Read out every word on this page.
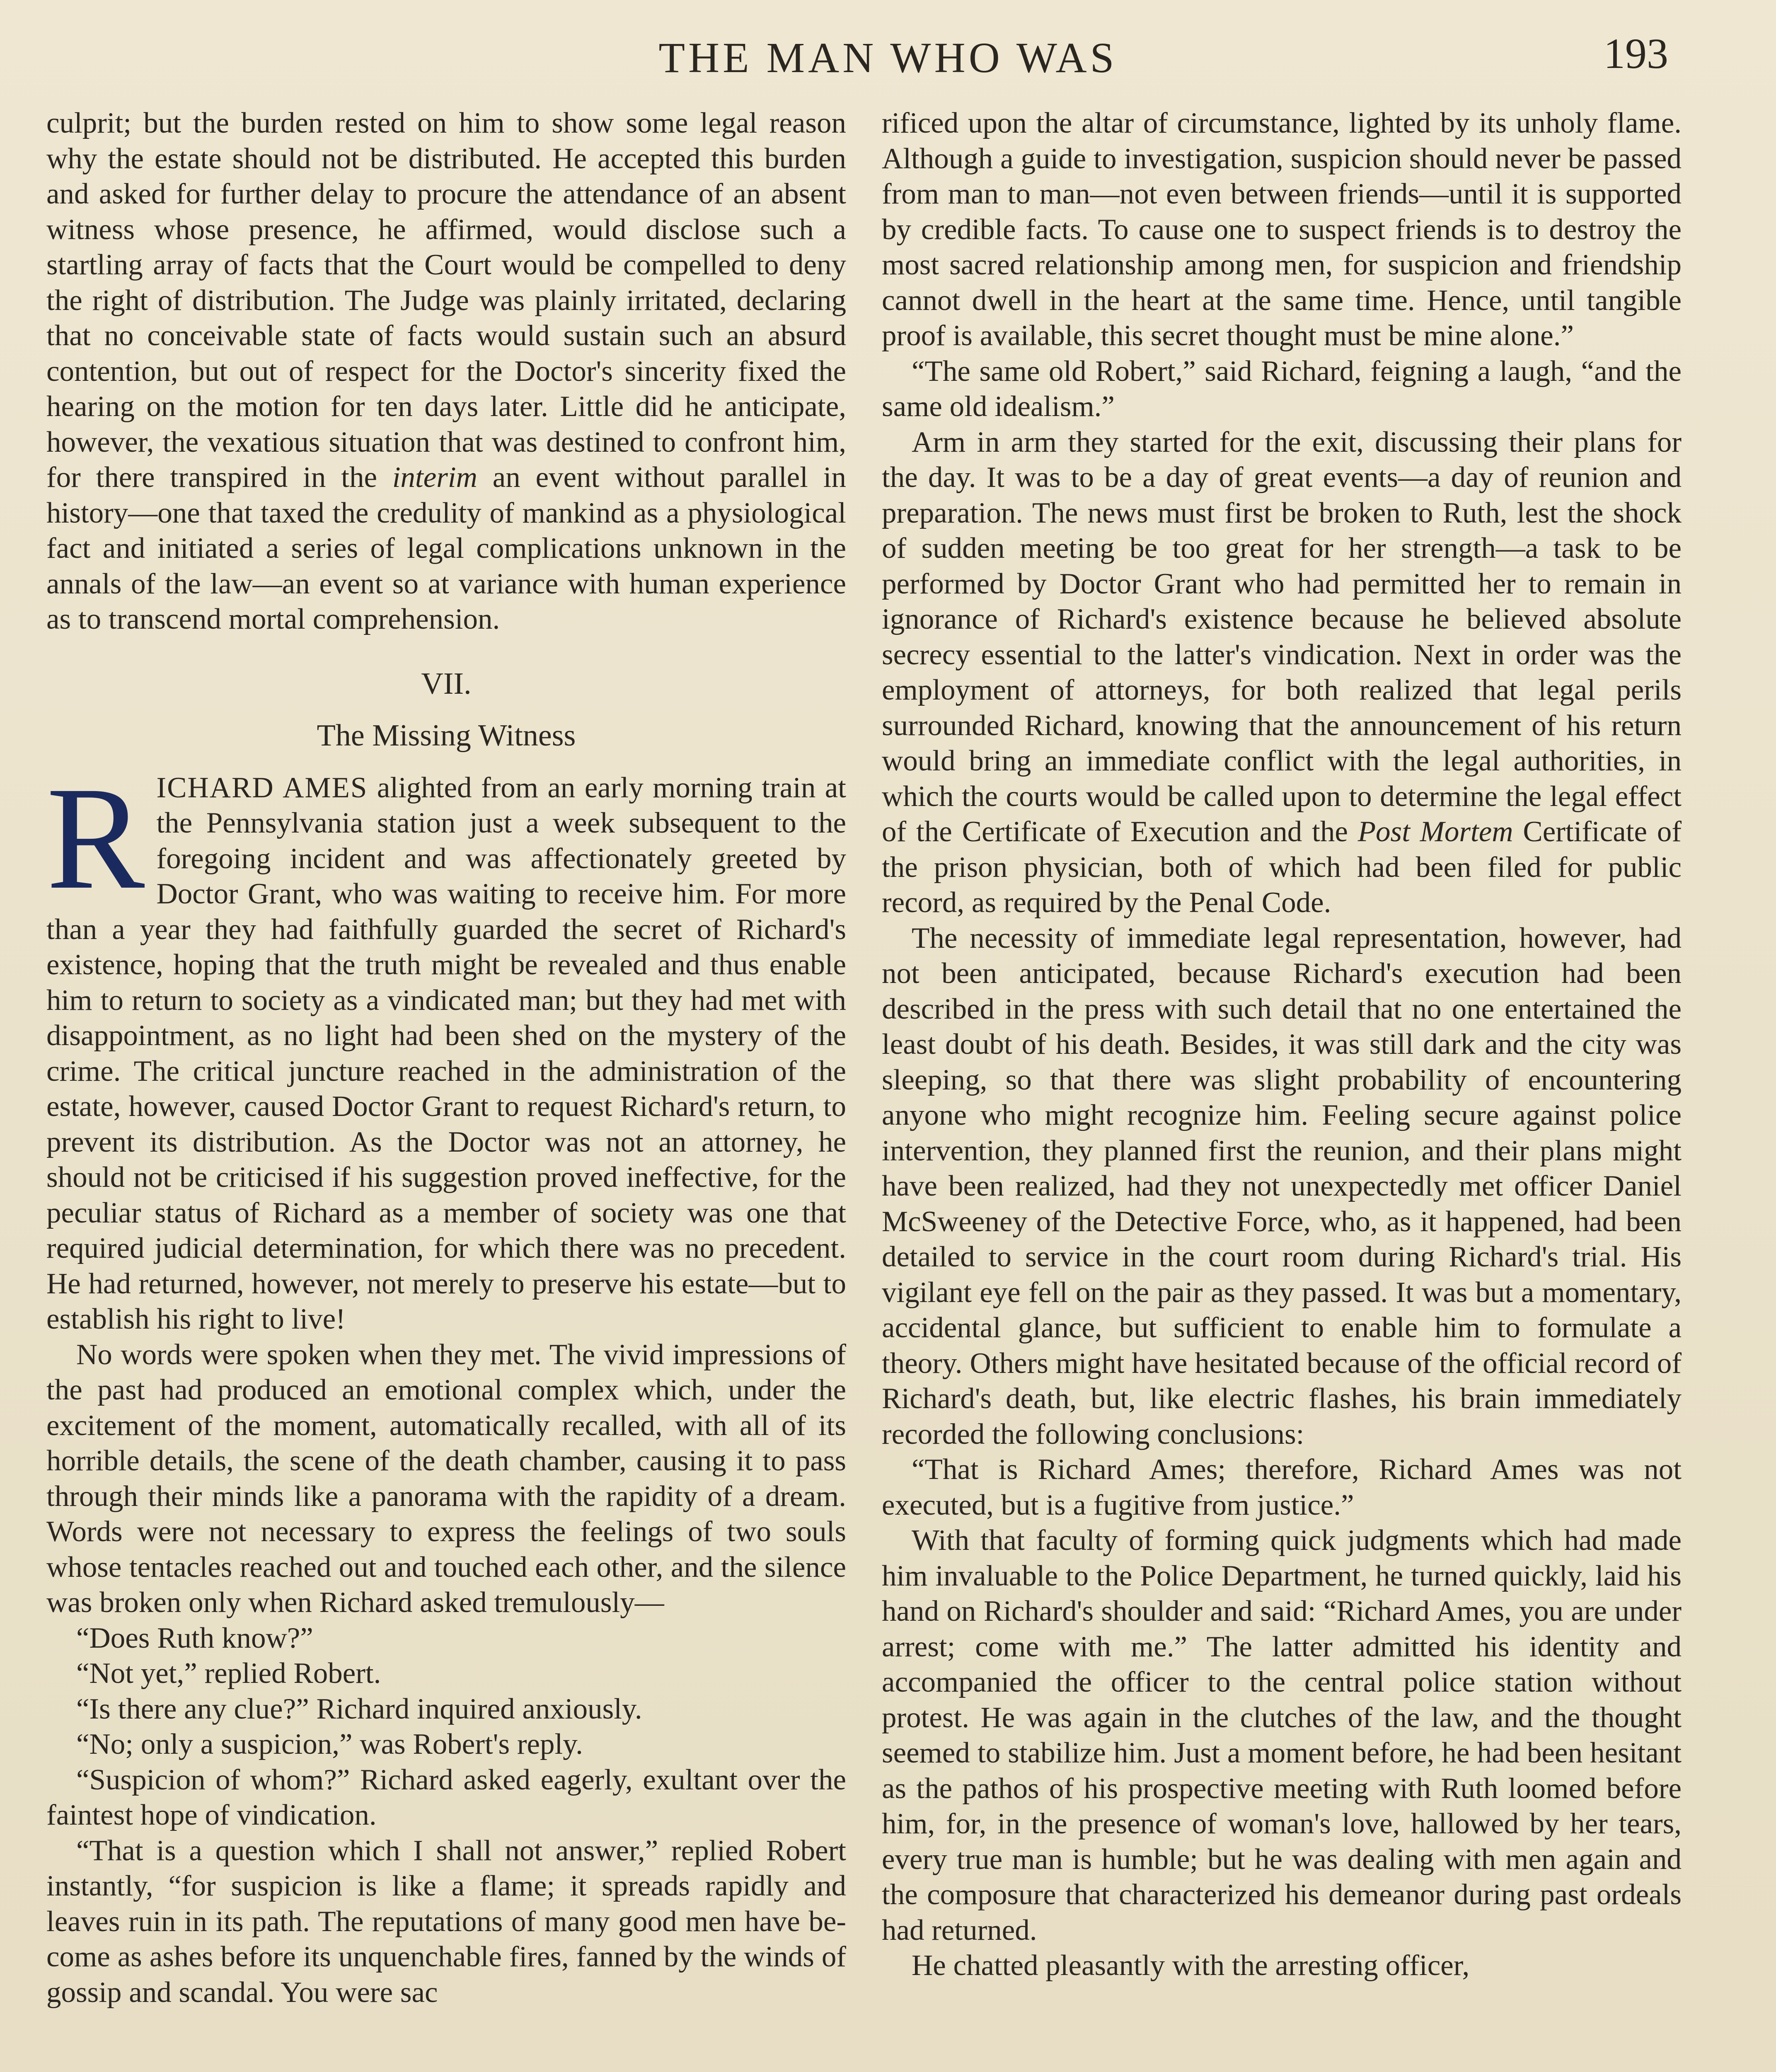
THE MAN WHO WAS	193

culprit; but the burden rested on him to show some legal reason why the estate should not be distributed. He accepted this burden and asked for further delay to procure the attendance of an absent witness whose presence, he affirmed, would disclose such a startling array of facts that the Court would be compelled to deny the right of distribution. The Judge was plainly irritated, declaring that no conceivable state of facts would sustain such an absurd contention, but out of respect for the Doctor's sincerity fixed the hearing on the motion for ten days later. Little did he anticipate, however, the vexatious situation that was destined to confront him, for there transpired in the interim an event without parallel in history—one that taxed the credulity of mankind as a physiological fact and initiated a series of legal complications unknown in the annals of the law—an event so at variance with human experience as to transcend mortal comprehension.

VII.
The Missing Witness

RICHARD AMES alighted from an early morning train at the Pennsylvania station just a week subsequent to the foregoing incident and was affectionately greeted by Doctor Grant, who was waiting to receive him. For more than a year they had faithfully guarded the secret of Richard's existence, hoping that the truth might be revealed and thus enable him to return to society as a vindicated man; but they had met with disappointment, as no light had been shed on the mystery of the crime. The critical juncture reached in the administration of the estate, however, caused Doctor Grant to request Richard's return, to prevent its distribution. As the Doctor was not an attorney, he should not be criticised if his suggestion proved ineffective, for the peculiar status of Richard as a member of society was one that required judicial determination, for which there was no precedent. He had returned, however, not merely to preserve his estate—but to establish his right to live!

No words were spoken when they met. The vivid impressions of the past had produced an emotional complex which, under the excitement of the moment, automatically recalled, with all of its horrible details, the scene of the death chamber, causing it to pass through their minds like a panorama with the rapidity of a dream. Words were not necessary to express the feelings of two souls whose tentacles reached out and touched each other, and the silence was broken only when Richard asked tremulously—

“Does Ruth know?”

“Not yet,” replied Robert.

“Is there any clue?” Richard inquired anxiously.

“No; only a suspicion,” was Robert's reply.

“Suspicion of whom?” Richard asked eagerly, exultant over the faintest hope of vindication.

“That is a question which I shall not answer,” replied Robert instantly, “for suspicion is like a flame; it spreads rapidly and leaves ruin in its path. The reputations of many good men have become as ashes before its unquenchable fires, fanned by the winds of gossip and scandal. You were sac

rificed upon the altar of circumstance, lighted by its unholy flame. Although a guide to investigation, suspicion should never be passed from man to man—not even between friends—until it is supported by credible facts. To cause one to suspect friends is to destroy the most sacred relationship among men, for suspicion and friendship cannot dwell in the heart at the same time. Hence, until tangible proof is available, this secret thought must be mine alone.”

“The same old Robert,” said Richard, feigning a laugh, “and the same old idealism.”

Arm in arm they started for the exit, discussing their plans for the day. It was to be a day of great events—a day of reunion and preparation. The news must first be broken to Ruth, lest the shock of sudden meeting be too great for her strength—a task to be performed by Doctor Grant who had permitted her to remain in ignorance of Richard's existence because he believed absolute secrecy essential to the latter's vindication. Next in order was the employment of attorneys, for both realized that legal perils surrounded Richard, knowing that the announcement of his return would bring an immediate conflict with the legal authorities, in which the courts would be called upon to determine the legal effect of the Certificate of Execution and the Post Mortem Certificate of the prison physician, both of which had been filed for public record, as required by the Penal Code.

The necessity of immediate legal representation, however, had not been anticipated, because Richard's execution had been described in the press with such detail that no one entertained the least doubt of his death. Besides, it was still dark and the city was sleeping, so that there was slight probability of encountering anyone who might recognize him. Feeling secure against police intervention, they planned first the reunion, and their plans might have been realized, had they not unexpectedly met officer Daniel McSweeney of the Detective Force, who, as it happened, had been detailed to service in the court room during Richard's trial. His vigilant eye fell on the pair as they passed. It was but a momentary, accidental glance, but sufficient to enable him to formulate a theory. Others might have hesitated because of the official record of Richard's death, but, like electric flashes, his brain immediately recorded the following conclusions:

“That is Richard Ames; therefore, Richard Ames was not executed, but is a fugitive from justice.”

With that faculty of forming quick judgments which had made him invaluable to the Police Department, he turned quickly, laid his hand on Richard's shoulder and said: “Richard Ames, you are under arrest; come with me.” The latter admitted his identity and accompanied the officer to the central police station without protest. He was again in the clutches of the law, and the thought seemed to stabilize him. Just a moment before, he had been hesitant as the pathos of his prospective meeting with Ruth loomed before him, for, in the presence of woman's love, hallowed by her tears, every true man is humble; but he was dealing with men again and the composure that characterized his demeanor during past ordeals had returned.

He chatted pleasantly with the arresting officer,
